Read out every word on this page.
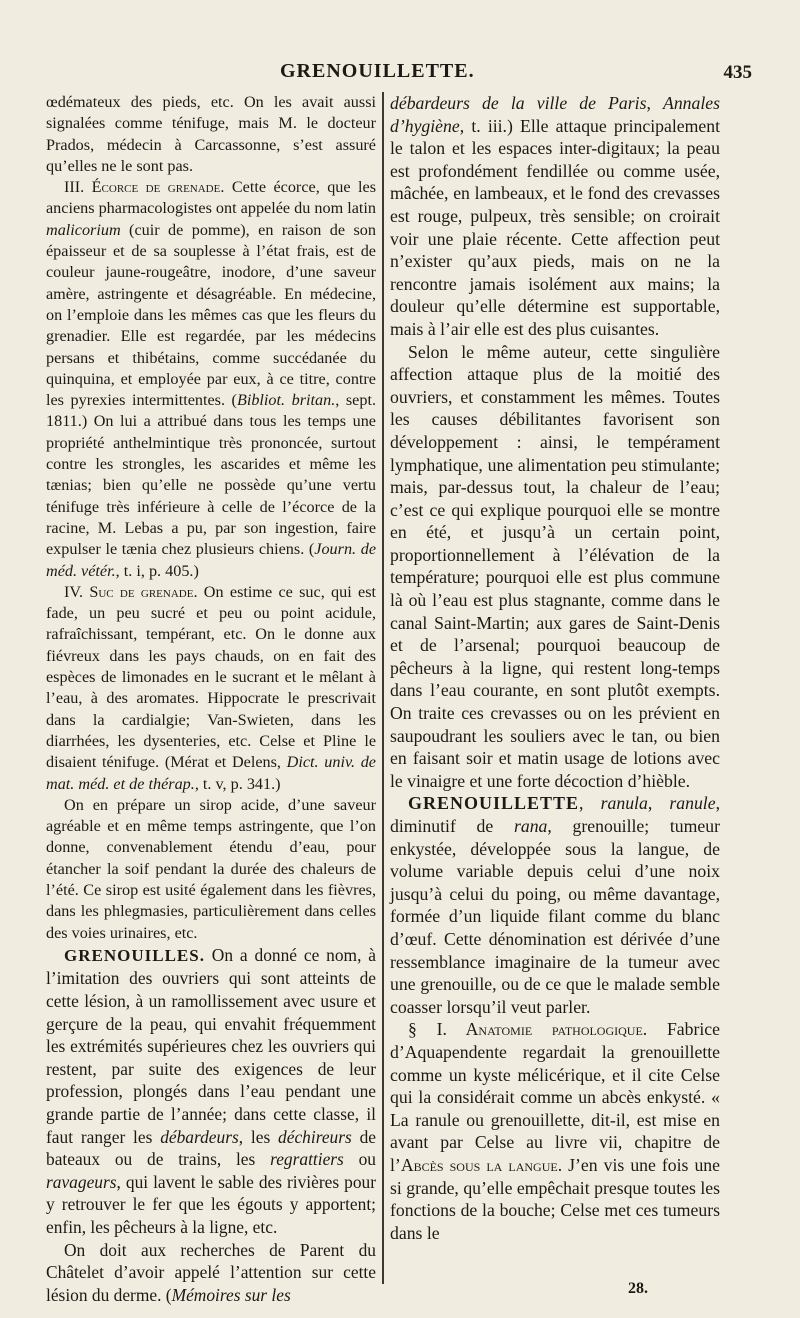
GRENOUILLETTE.	435

œdémateux des pieds, etc. On les avait aussi signalées comme ténifuge, mais M. le docteur Prados, médecin à Carcassonne, s’est assuré qu’elles ne le sont pas.

III. Écorce de grenade. Cette écorce, que les anciens pharmacologistes ont appelée du nom latin malicorium (cuir de pomme), en raison de son épaisseur et de sa souplesse à l’état frais, est de couleur jaune-rougeâtre, inodore, d’une saveur amère, astringente et désagréable. En médecine, on l’emploie dans les mêmes cas que les fleurs du grenadier. Elle est regardée, par les médecins persans et thibétains, comme succédanée du quinquina, et employée par eux, à ce titre, contre les pyrexies intermittentes. (Bibliot. britan., sept. 1811.) On lui a attribué dans tous les temps une propriété anthelmintique très prononcée, surtout contre les strongles, les ascarides et même les tænias; bien qu’elle ne possède qu’une vertu ténifuge très inférieure à celle de l’écorce de la racine, M. Lebas a pu, par son ingestion, faire expulser le tænia chez plusieurs chiens. (Journ. de méd. vétér., t. i, p. 405.)

IV. Suc de grenade. On estime ce suc, qui est fade, un peu sucré et peu ou point acidule, rafraîchissant, tempérant, etc. On le donne aux fiévreux dans les pays chauds, on en fait des espèces de limonades en le sucrant et le mêlant à l’eau, à des aromates. Hippocrate le prescrivait dans la cardialgie; Van-Swieten, dans les diarrhées, les dysenteries, etc. Celse et Pline le disaient ténifuge. (Mérat et Delens, Dict. univ. de mat. méd. et de thérap., t. v, p. 341.)

On en prépare un sirop acide, d’une saveur agréable et en même temps astringente, que l’on donne, convenablement étendu d’eau, pour étancher la soif pendant la durée des chaleurs de l’été. Ce sirop est usité également dans les fièvres, dans les phlegmasies, particulièrement dans celles des voies urinaires, etc.

GRENOUILLES. On a donné ce nom, à l’imitation des ouvriers qui sont atteints de cette lésion, à un ramollissement avec usure et gerçure de la peau, qui envahit fréquemment les extrémités supérieures chez les ouvriers qui restent, par suite des exigences de leur profession, plongés dans l’eau pendant une grande partie de l’année; dans cette classe, il faut ranger les débardeurs, les déchireurs de bateaux ou de trains, les regrattiers ou ravageurs, qui lavent le sable des rivières pour y retrouver le fer que les égouts y apportent; enfin, les pêcheurs à la ligne, etc.

On doit aux recherches de Parent du Châtelet d’avoir appelé l’attention sur cette lésion du derme. (Mémoires sur les

débardeurs de la ville de Paris, Annales d’hygiène, t. iii.) Elle attaque principalement le talon et les espaces inter-digitaux; la peau est profondément fendillée ou comme usée, mâchée, en lambeaux, et le fond des crevasses est rouge, pulpeux, très sensible; on croirait voir une plaie récente. Cette affection peut n’exister qu’aux pieds, mais on ne la rencontre jamais isolément aux mains; la douleur qu’elle détermine est supportable, mais à l’air elle est des plus cuisantes.

Selon le même auteur, cette singulière affection attaque plus de la moitié des ouvriers, et constamment les mêmes. Toutes les causes débilitantes favorisent son développement : ainsi, le tempérament lymphatique, une alimentation peu stimulante; mais, par-dessus tout, la chaleur de l’eau; c’est ce qui explique pourquoi elle se montre en été, et jusqu’à un certain point, proportionnellement à l’élévation de la température; pourquoi elle est plus commune là où l’eau est plus stagnante, comme dans le canal Saint-Martin; aux gares de Saint-Denis et de l’arsenal; pourquoi beaucoup de pêcheurs à la ligne, qui restent long-temps dans l’eau courante, en sont plutôt exempts. On traite ces crevasses ou on les prévient en saupoudrant les souliers avec le tan, ou bien en faisant soir et matin usage de lotions avec le vinaigre et une forte décoction d’hièble.

GRENOUILLETTE, ranula, ranule, diminutif de rana, grenouille; tumeur enkystée, développée sous la langue, de volume variable depuis celui d’une noix jusqu’à celui du poing, ou même davantage, formée d’un liquide filant comme du blanc d’œuf. Cette dénomination est dérivée d’une ressemblance imaginaire de la tumeur avec une grenouille, ou de ce que le malade semble coasser lorsqu’il veut parler.

§ I. Anatomie pathologique. Fabrice d’Aquapendente regardait la grenouillette comme un kyste mélicérique, et il cite Celse qui la considérait comme un abcès enkysté. « La ranule ou grenouillette, dit-il, est mise en avant par Celse au livre vii, chapitre de l’Abcès sous la langue. J’en vis une fois une si grande, qu’elle empêchait presque toutes les fonctions de la bouche; Celse met ces tumeurs dans le

28.
